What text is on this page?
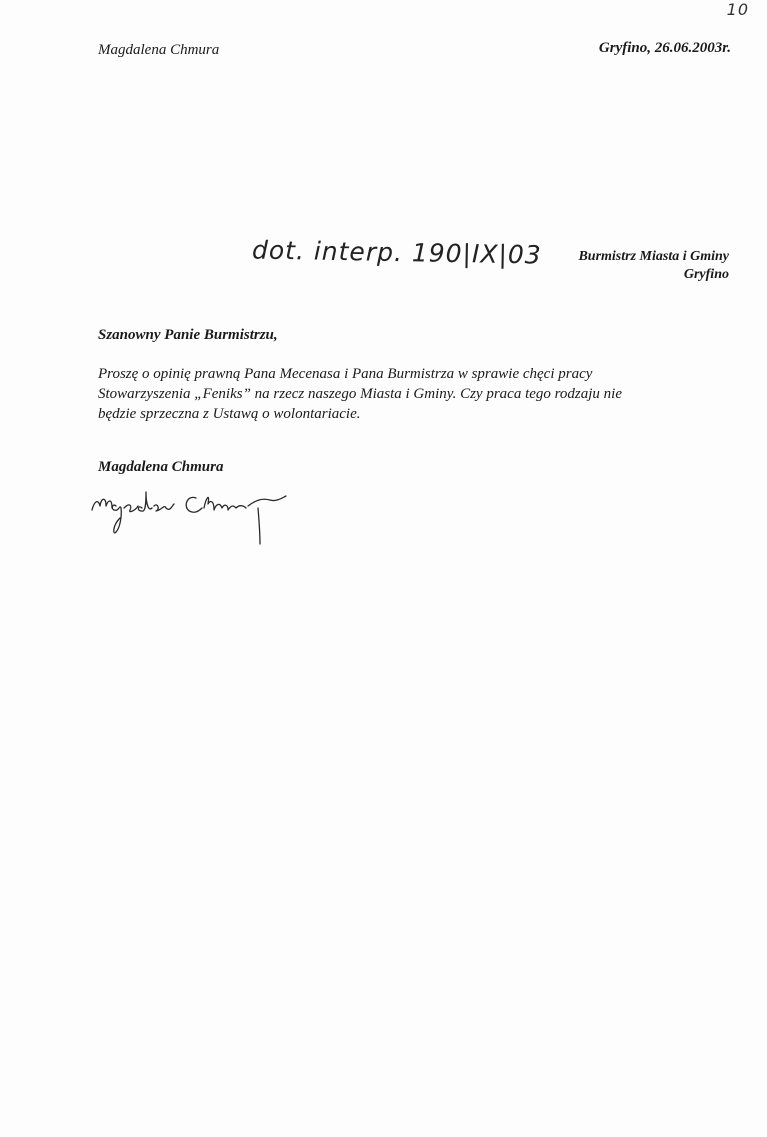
10
Magdalena Chmura	Gryfino, 26.06.2003r.
dot. interp. 190|IX|03	Burmistrz Miasta i Gminy
Gryfino
Szanowny Panie Burmistrzu,

Proszę o opinię prawną Pana Mecenasa i Pana Burmistrza w sprawie chęci pracy

Stowarzyszenia „Feniks” na rzecz naszego Miasta i Gminy. Czy praca tego rodzaju nie

będzie sprzeczna z Ustawą o wolontariacie.

Magdalena Chmura
